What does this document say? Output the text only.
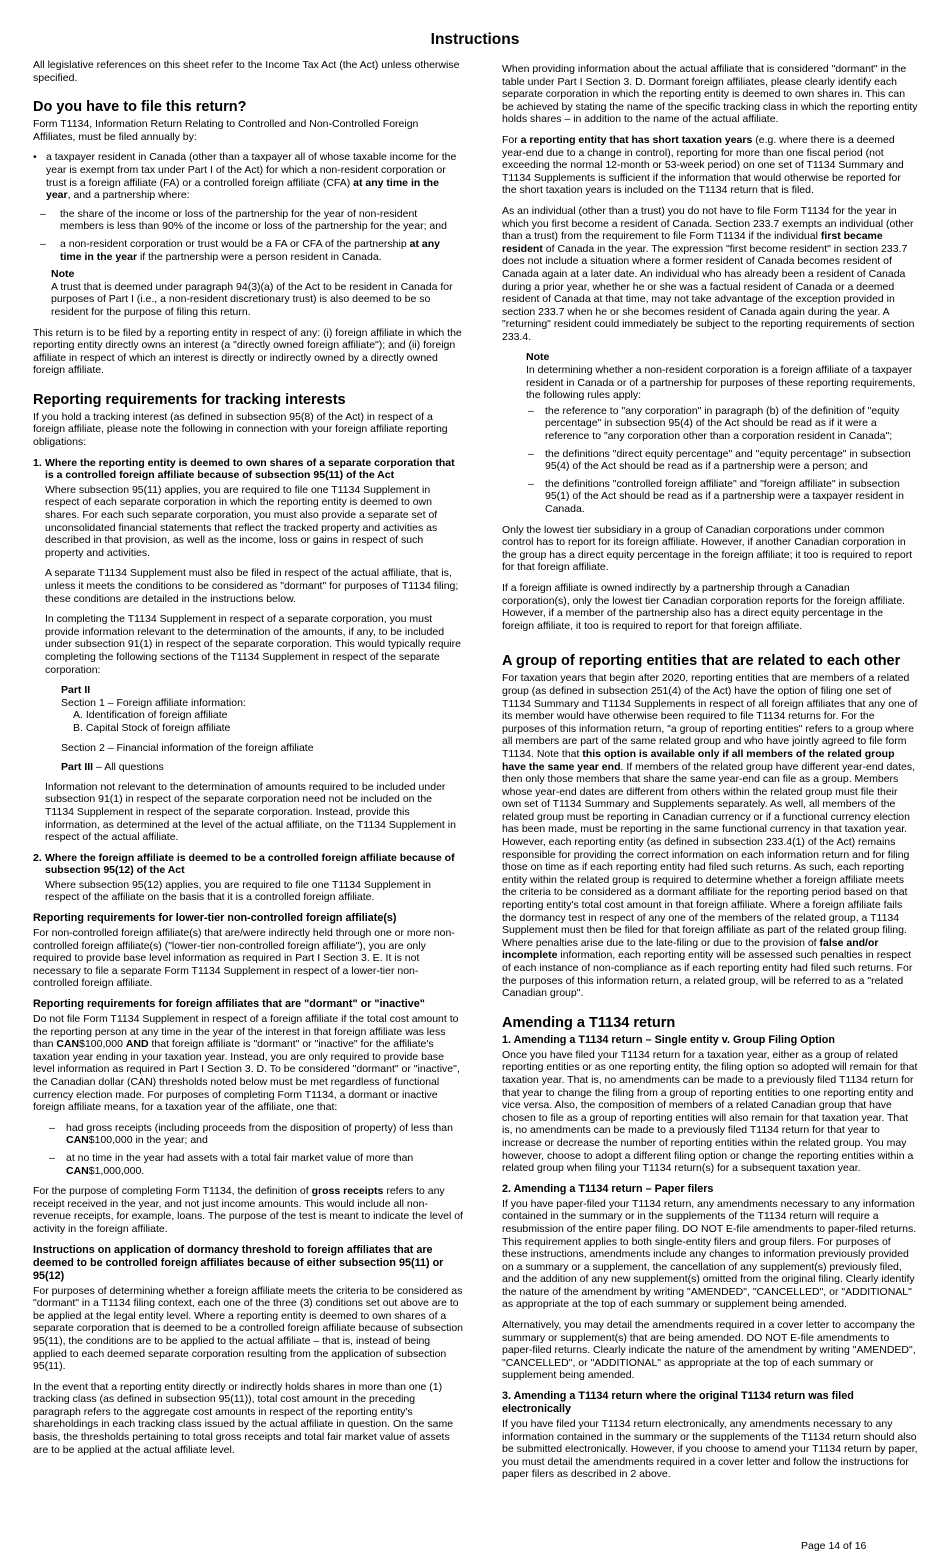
Instructions

All legislative references on this sheet refer to the Income Tax Act (the Act) unless otherwise specified.

Do you have to file this return?

Form T1134, Information Return Relating to Controlled and Non-Controlled Foreign Affiliates, must be filed annually by:

• a taxpayer resident in Canada (other than a taxpayer all of whose taxable income for the year is exempt from tax under Part I of the Act) for which a non-resident corporation or trust is a foreign affiliate (FA) or a controlled foreign affiliate (CFA) at any time in the year, and a partnership where:
– the share of the income or loss of the partnership for the year of non-resident members is less than 90% of the income or loss of the partnership for the year; and
– a non-resident corporation or trust would be a FA or CFA of the partnership at any time in the year if the partnership were a person resident in Canada.
Note
A trust that is deemed under paragraph 94(3)(a) of the Act to be resident in Canada for purposes of Part I (i.e., a non-resident discretionary trust) is also deemed to be so resident for the purpose of filing this return.

This return is to be filed by a reporting entity in respect of any: (i) foreign affiliate in which the reporting entity directly owns an interest (a "directly owned foreign affiliate"); and (ii) foreign affiliate in respect of which an interest is directly or indirectly owned by a directly owned foreign affiliate.

Reporting requirements for tracking interests

If you hold a tracking interest (as defined in subsection 95(8) of the Act) in respect of a foreign affiliate, please note the following in connection with your foreign affiliate reporting obligations:

1. Where the reporting entity is deemed to own shares of a separate corporation that is a controlled foreign affiliate because of subsection 95(11) of the Act

Where subsection 95(11) applies, you are required to file one T1134 Supplement in respect of each separate corporation in which the reporting entity is deemed to own shares. For each such separate corporation, you must also provide a separate set of unconsolidated financial statements that reflect the tracked property and activities as described in that provision, as well as the income, loss or gains in respect of such property and activities.

A separate T1134 Supplement must also be filed in respect of the actual affiliate, that is, unless it meets the conditions to be considered as "dormant" for purposes of T1134 filing; these conditions are detailed in the instructions below.

In completing the T1134 Supplement in respect of a separate corporation, you must provide information relevant to the determination of the amounts, if any, to be included under subsection 91(1) in respect of the separate corporation. This would typically require completing the following sections of the T1134 Supplement in respect of the separate corporation:

Part II
Section 1 – Foreign affiliate information:
A. Identification of foreign affiliate
B. Capital Stock of foreign affiliate
Section 2 – Financial information of the foreign affiliate
Part III – All questions

Information not relevant to the determination of amounts required to be included under subsection 91(1) in respect of the separate corporation need not be included on the T1134 Supplement in respect of the separate corporation. Instead, provide this information, as determined at the level of the actual affiliate, on the T1134 Supplement in respect of the actual affiliate.

2. Where the foreign affiliate is deemed to be a controlled foreign affiliate because of subsection 95(12) of the Act

Where subsection 95(12) applies, you are required to file one T1134 Supplement in respect of the affiliate on the basis that it is a controlled foreign affiliate.

Reporting requirements for lower-tier non-controlled foreign affiliate(s)

For non-controlled foreign affiliate(s) that are/were indirectly held through one or more non-controlled foreign affiliate(s) ("lower-tier non-controlled foreign affiliate"), you are only required to provide base level information as required in Part I Section 3. E. It is not necessary to file a separate Form T1134 Supplement in respect of a lower-tier non-controlled foreign affiliate.

Reporting requirements for foreign affiliates that are "dormant" or "inactive"

Do not file Form T1134 Supplement in respect of a foreign affiliate if the total cost amount to the reporting person at any time in the year of the interest in that foreign affiliate was less than CAN$100,000 AND that foreign affiliate is "dormant" or "inactive" for the affiliate's taxation year ending in your taxation year. Instead, you are only required to provide base level information as required in Part I Section 3. D. To be considered "dormant" or "inactive", the Canadian dollar (CAN) thresholds noted below must be met regardless of functional currency election made. For purposes of completing Form T1134, a dormant or inactive foreign affiliate means, for a taxation year of the affiliate, one that:

– had gross receipts (including proceeds from the disposition of property) of less than CAN$100,000 in the year; and
– at no time in the year had assets with a total fair market value of more than CAN$1,000,000.

For the purpose of completing Form T1134, the definition of gross receipts refers to any receipt received in the year, and not just income amounts. This would include all non-revenue receipts, for example, loans. The purpose of the test is meant to indicate the level of activity in the foreign affiliate.

Instructions on application of dormancy threshold to foreign affiliates that are deemed to be controlled foreign affiliates because of either subsection 95(11) or 95(12)

For purposes of determining whether a foreign affiliate meets the criteria to be considered as "dormant" in a T1134 filing context, each one of the three (3) conditions set out above are to be applied at the legal entity level. Where a reporting entity is deemed to own shares of a separate corporation that is deemed to be a controlled foreign affiliate because of subsection 95(11), the conditions are to be applied to the actual affiliate – that is, instead of being applied to each deemed separate corporation resulting from the application of subsection 95(11).

In the event that a reporting entity directly or indirectly holds shares in more than one (1) tracking class (as defined in subsection 95(11)), total cost amount in the preceding paragraph refers to the aggregate cost amounts in respect of the reporting entity's shareholdings in each tracking class issued by the actual affiliate in question. On the same basis, the thresholds pertaining to total gross receipts and total fair market value of assets are to be applied at the actual affiliate level.

When providing information about the actual affiliate that is considered "dormant" in the table under Part I Section 3. D. Dormant foreign affiliates, please clearly identify each separate corporation in which the reporting entity is deemed to own shares in. This can be achieved by stating the name of the specific tracking class in which the reporting entity holds shares – in addition to the name of the actual affiliate.

For a reporting entity that has short taxation years (e.g. where there is a deemed year-end due to a change in control), reporting for more than one fiscal period (not exceeding the normal 12-month or 53-week period) on one set of T1134 Summary and T1134 Supplements is sufficient if the information that would otherwise be reported for the short taxation years is included on the T1134 return that is filed.

As an individual (other than a trust) you do not have to file Form T1134 for the year in which you first become a resident of Canada. Section 233.7 exempts an individual (other than a trust) from the requirement to file Form T1134 if the individual first became resident of Canada in the year. The expression "first become resident" in section 233.7 does not include a situation where a former resident of Canada becomes resident of Canada again at a later date. An individual who has already been a resident of Canada during a prior year, whether he or she was a factual resident of Canada or a deemed resident of Canada at that time, may not take advantage of the exception provided in section 233.7 when he or she becomes resident of Canada again during the year. A "returning" resident could immediately be subject to the reporting requirements of section 233.4.

Note
In determining whether a non-resident corporation is a foreign affiliate of a taxpayer resident in Canada or of a partnership for purposes of these reporting requirements, the following rules apply:
– the reference to "any corporation" in paragraph (b) of the definition of "equity percentage" in subsection 95(4) of the Act should be read as if it were a reference to "any corporation other than a corporation resident in Canada";
– the definitions "direct equity percentage" and "equity percentage" in subsection 95(4) of the Act should be read as if a partnership were a person; and
– the definitions "controlled foreign affiliate" and "foreign affiliate" in subsection 95(1) of the Act should be read as if a partnership were a taxpayer resident in Canada.

Only the lowest tier subsidiary in a group of Canadian corporations under common control has to report for its foreign affiliate. However, if another Canadian corporation in the group has a direct equity percentage in the foreign affiliate; it too is required to report for that foreign affiliate.

If a foreign affiliate is owned indirectly by a partnership through a Canadian corporation(s), only the lowest tier Canadian corporation reports for the foreign affiliate. However, if a member of the partnership also has a direct equity percentage in the foreign affiliate, it too is required to report for that foreign affiliate.

A group of reporting entities that are related to each other

For taxation years that begin after 2020, reporting entities that are members of a related group (as defined in subsection 251(4) of the Act) have the option of filing one set of T1134 Summary and T1134 Supplements in respect of all foreign affiliates that any one of its member would have otherwise been required to file T1134 returns for. For the purposes of this information return, "a group of reporting entities" refers to a group where all members are part of the same related group and who have jointly agreed to file form T1134. Note that this option is available only if all members of the related group have the same year end. If members of the related group have different year-end dates, then only those members that share the same year-end can file as a group. Members whose year-end dates are different from others within the related group must file their own set of T1134 Summary and Supplements separately. As well, all members of the related group must be reporting in Canadian currency or if a functional currency election has been made, must be reporting in the same functional currency in that taxation year. However, each reporting entity (as defined in subsection 233.4(1) of the Act) remains responsible for providing the correct information on each information return and for filing those on time as if each reporting entity had filed such returns. As such, each reporting entity within the related group is required to determine whether a foreign affiliate meets the criteria to be considered as a dormant affiliate for the reporting period based on that reporting entity's total cost amount in that foreign affiliate. Where a foreign affiliate fails the dormancy test in respect of any one of the members of the related group, a T1134 Supplement must then be filed for that foreign affiliate as part of the related group filing. Where penalties arise due to the late-filing or due to the provision of false and/or incomplete information, each reporting entity will be assessed such penalties in respect of each instance of non-compliance as if each reporting entity had filed such returns. For the purposes of this information return, a related group, will be referred to as a "related Canadian group".

Amending a T1134 return
1. Amending a T1134 return – Single entity v. Group Filing Option

Once you have filed your T1134 return for a taxation year, either as a group of related reporting entities or as one reporting entity, the filing option so adopted will remain for that taxation year. That is, no amendments can be made to a previously filed T1134 return for that year to change the filing from a group of reporting entities to one reporting entity and vice versa. Also, the composition of members of a related Canadian group that have chosen to file as a group of reporting entities will also remain for that taxation year. That is, no amendments can be made to a previously filed T1134 return for that year to increase or decrease the number of reporting entities within the related group. You may however, choose to adopt a different filing option or change the reporting entities within a related group when filing your T1134 return(s) for a subsequent taxation year.

2. Amending a T1134 return – Paper filers

If you have paper-filed your T1134 return, any amendments necessary to any information contained in the summary or in the supplements of the T1134 return will require a resubmission of the entire paper filing. DO NOT E-file amendments to paper-filed returns. This requirement applies to both single-entity filers and group filers. For purposes of these instructions, amendments include any changes to information previously provided on a summary or a supplement, the cancellation of any supplement(s) previously filed, and the addition of any new supplement(s) omitted from the original filing. Clearly identify the nature of the amendment by writing "AMENDED", "CANCELLED", or "ADDITIONAL" as appropriate at the top of each summary or supplement being amended.

Alternatively, you may detail the amendments required in a cover letter to accompany the summary or supplement(s) that are being amended. DO NOT E-file amendments to paper-filed returns. Clearly indicate the nature of the amendment by writing "AMENDED", "CANCELLED", or "ADDITIONAL" as appropriate at the top of each summary or supplement being amended.

3. Amending a T1134 return where the original T1134 return was filed electronically

If you have filed your T1134 return electronically, any amendments necessary to any information contained in the summary or the supplements of the T1134 return should also be submitted electronically. However, if you choose to amend your T1134 return by paper, you must detail the amendments required in a cover letter and follow the instructions for paper filers as described in 2 above.

Page 14 of 16
